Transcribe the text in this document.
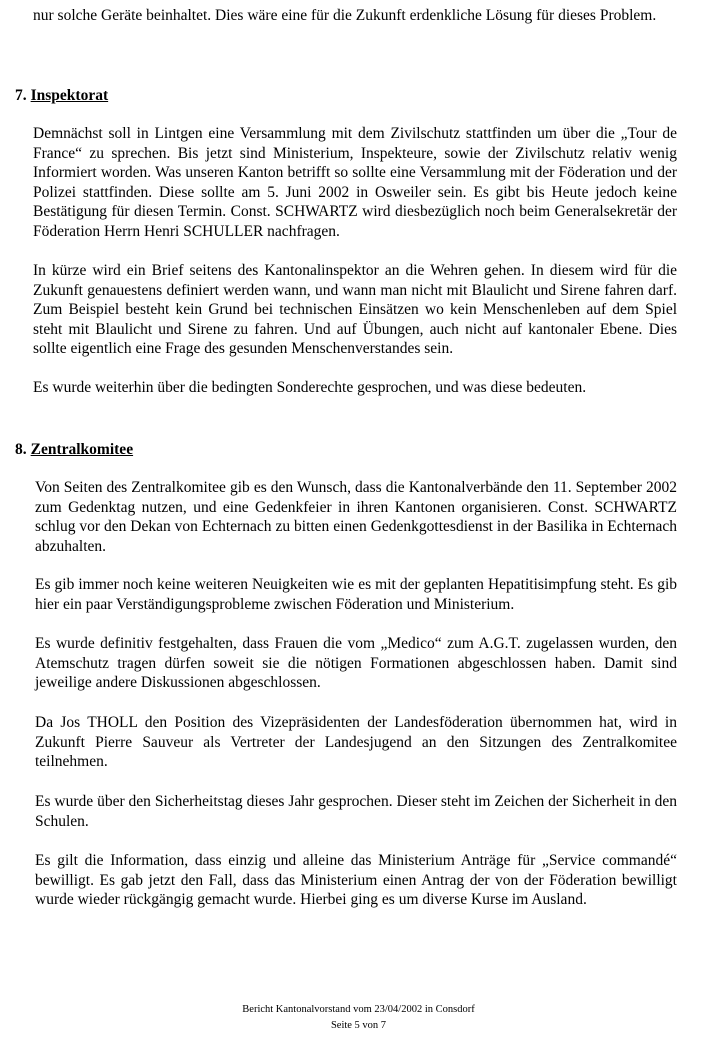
nur solche Geräte beinhaltet. Dies wäre eine für die Zukunft erdenkliche Lösung für dieses Problem.

7. Inspektorat

Demnächst soll in Lintgen eine Versammlung mit dem Zivilschutz stattfinden um über die „Tour de France“ zu sprechen. Bis jetzt sind Ministerium, Inspekteure, sowie der Zivilschutz relativ wenig Informiert worden. Was unseren Kanton betrifft so sollte eine Versammlung mit der Föderation und der Polizei stattfinden. Diese sollte am 5. Juni 2002 in Osweiler sein. Es gibt bis Heute jedoch keine Bestätigung für diesen Termin. Const. SCHWARTZ wird diesbezüglich noch beim Generalsekretär der Föderation Herrn Henri SCHULLER nachfragen.

In kürze wird ein Brief seitens des Kantonalinspektor an die Wehren gehen. In diesem wird für die Zukunft genauestens definiert werden wann, und wann man nicht mit Blaulicht und Sirene fahren darf. Zum Beispiel besteht kein Grund bei technischen Einsätzen wo kein Menschenleben auf dem Spiel steht mit Blaulicht und Sirene zu fahren. Und auf Übungen, auch nicht auf kantonaler Ebene. Dies sollte eigentlich eine Frage des gesunden Menschenverstandes sein.

Es wurde weiterhin über die bedingten Sonderechte gesprochen, und was diese bedeuten.

8. Zentralkomitee

Von Seiten des Zentralkomitee gib es den Wunsch, dass die Kantonalverbände den 11. September 2002 zum Gedenktag nutzen, und eine Gedenkfeier in ihren Kantonen organisieren. Const. SCHWARTZ schlug vor den Dekan von Echternach zu bitten einen Gedenkgottesdienst in der Basilika in Echternach abzuhalten.

Es gib immer noch keine weiteren Neuigkeiten wie es mit der geplanten Hepatitisimpfung steht. Es gib hier ein paar Verständigungsprobleme zwischen Föderation und Ministerium.

Es wurde definitiv festgehalten, dass Frauen die vom „Medico“ zum A.G.T. zugelassen wurden, den Atemschutz tragen dürfen soweit sie die nötigen Formationen abgeschlossen haben. Damit sind jeweilige andere Diskussionen abgeschlossen.

Da Jos THOLL den Position des Vizepräsidenten der Landesföderation übernommen hat, wird in Zukunft Pierre Sauveur als Vertreter der Landesjugend an den Sitzungen des Zentralkomitee teilnehmen.

Es wurde über den Sicherheitstag dieses Jahr gesprochen. Dieser steht im Zeichen der Sicherheit in den Schulen.

Es gilt die Information, dass einzig und alleine das Ministerium Anträge für „Service commandé“ bewilligt. Es gab jetzt den Fall, dass das Ministerium einen Antrag der von der Föderation bewilligt wurde wieder rückgängig gemacht wurde. Hierbei ging es um diverse Kurse im Ausland.

Bericht Kantonalvorstand vom 23/04/2002 in Consdorf

Seite 5 von 7
